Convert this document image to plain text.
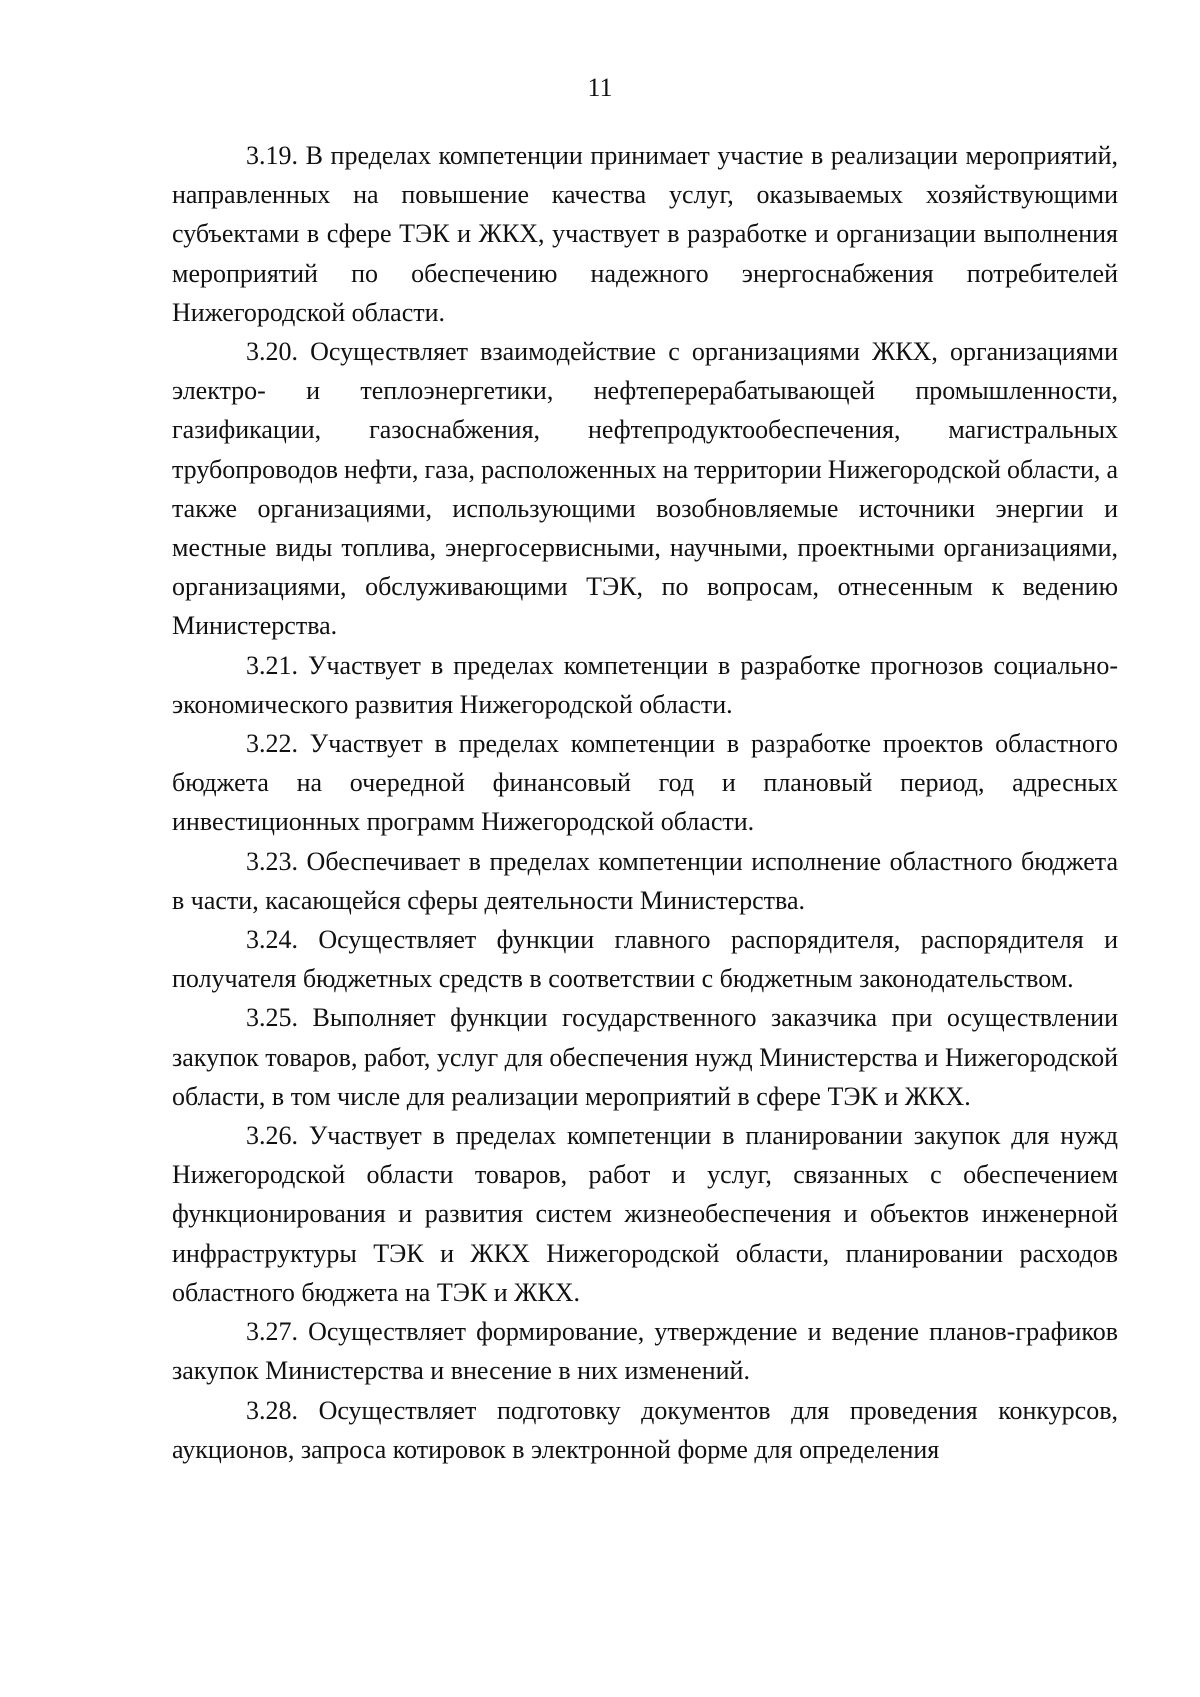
11

3.19. В пределах компетенции принимает участие в реализации мероприятий, направленных на повышение качества услуг, оказываемых хозяйствующими субъектами в сфере ТЭК и ЖКХ, участвует в разработке и организации выполнения мероприятий по обеспечению надежного энергоснабжения потребителей Нижегородской области.

3.20. Осуществляет взаимодействие с организациями ЖКХ, организациями электро- и теплоэнергетики, нефтеперерабатывающей промышленности, газификации, газоснабжения, нефтепродуктообеспечения, магистральных трубопроводов нефти, газа, расположенных на территории Нижегородской области, а также организациями, использующими возобновляемые источники энергии и местные виды топлива, энергосервисными, научными, проектными организациями, организациями, обслуживающими ТЭК, по вопросам, отнесенным к ведению Министерства.

3.21. Участвует в пределах компетенции в разработке прогнозов социально-экономического развития Нижегородской области.

3.22. Участвует в пределах компетенции в разработке проектов областного бюджета на очередной финансовый год и плановый период, адресных инвестиционных программ Нижегородской области.

3.23. Обеспечивает в пределах компетенции исполнение областного бюджета в части, касающейся сферы деятельности Министерства.

3.24. Осуществляет функции главного распорядителя, распорядителя и получателя бюджетных средств в соответствии с бюджетным законодательством.

3.25. Выполняет функции государственного заказчика при осуществлении закупок товаров, работ, услуг для обеспечения нужд Министерства и Нижегородской области, в том числе для реализации мероприятий в сфере ТЭК и ЖКХ.

3.26. Участвует в пределах компетенции в планировании закупок для нужд Нижегородской области товаров, работ и услуг, связанных с обеспечением функционирования и развития систем жизнеобеспечения и объектов инженерной инфраструктуры ТЭК и ЖКХ Нижегородской области, планировании расходов областного бюджета на ТЭК и ЖКХ.

3.27. Осуществляет формирование, утверждение и ведение планов-графиков закупок Министерства и внесение в них изменений.

3.28. Осуществляет подготовку документов для проведения конкурсов, аукционов, запроса котировок в электронной форме для определения
